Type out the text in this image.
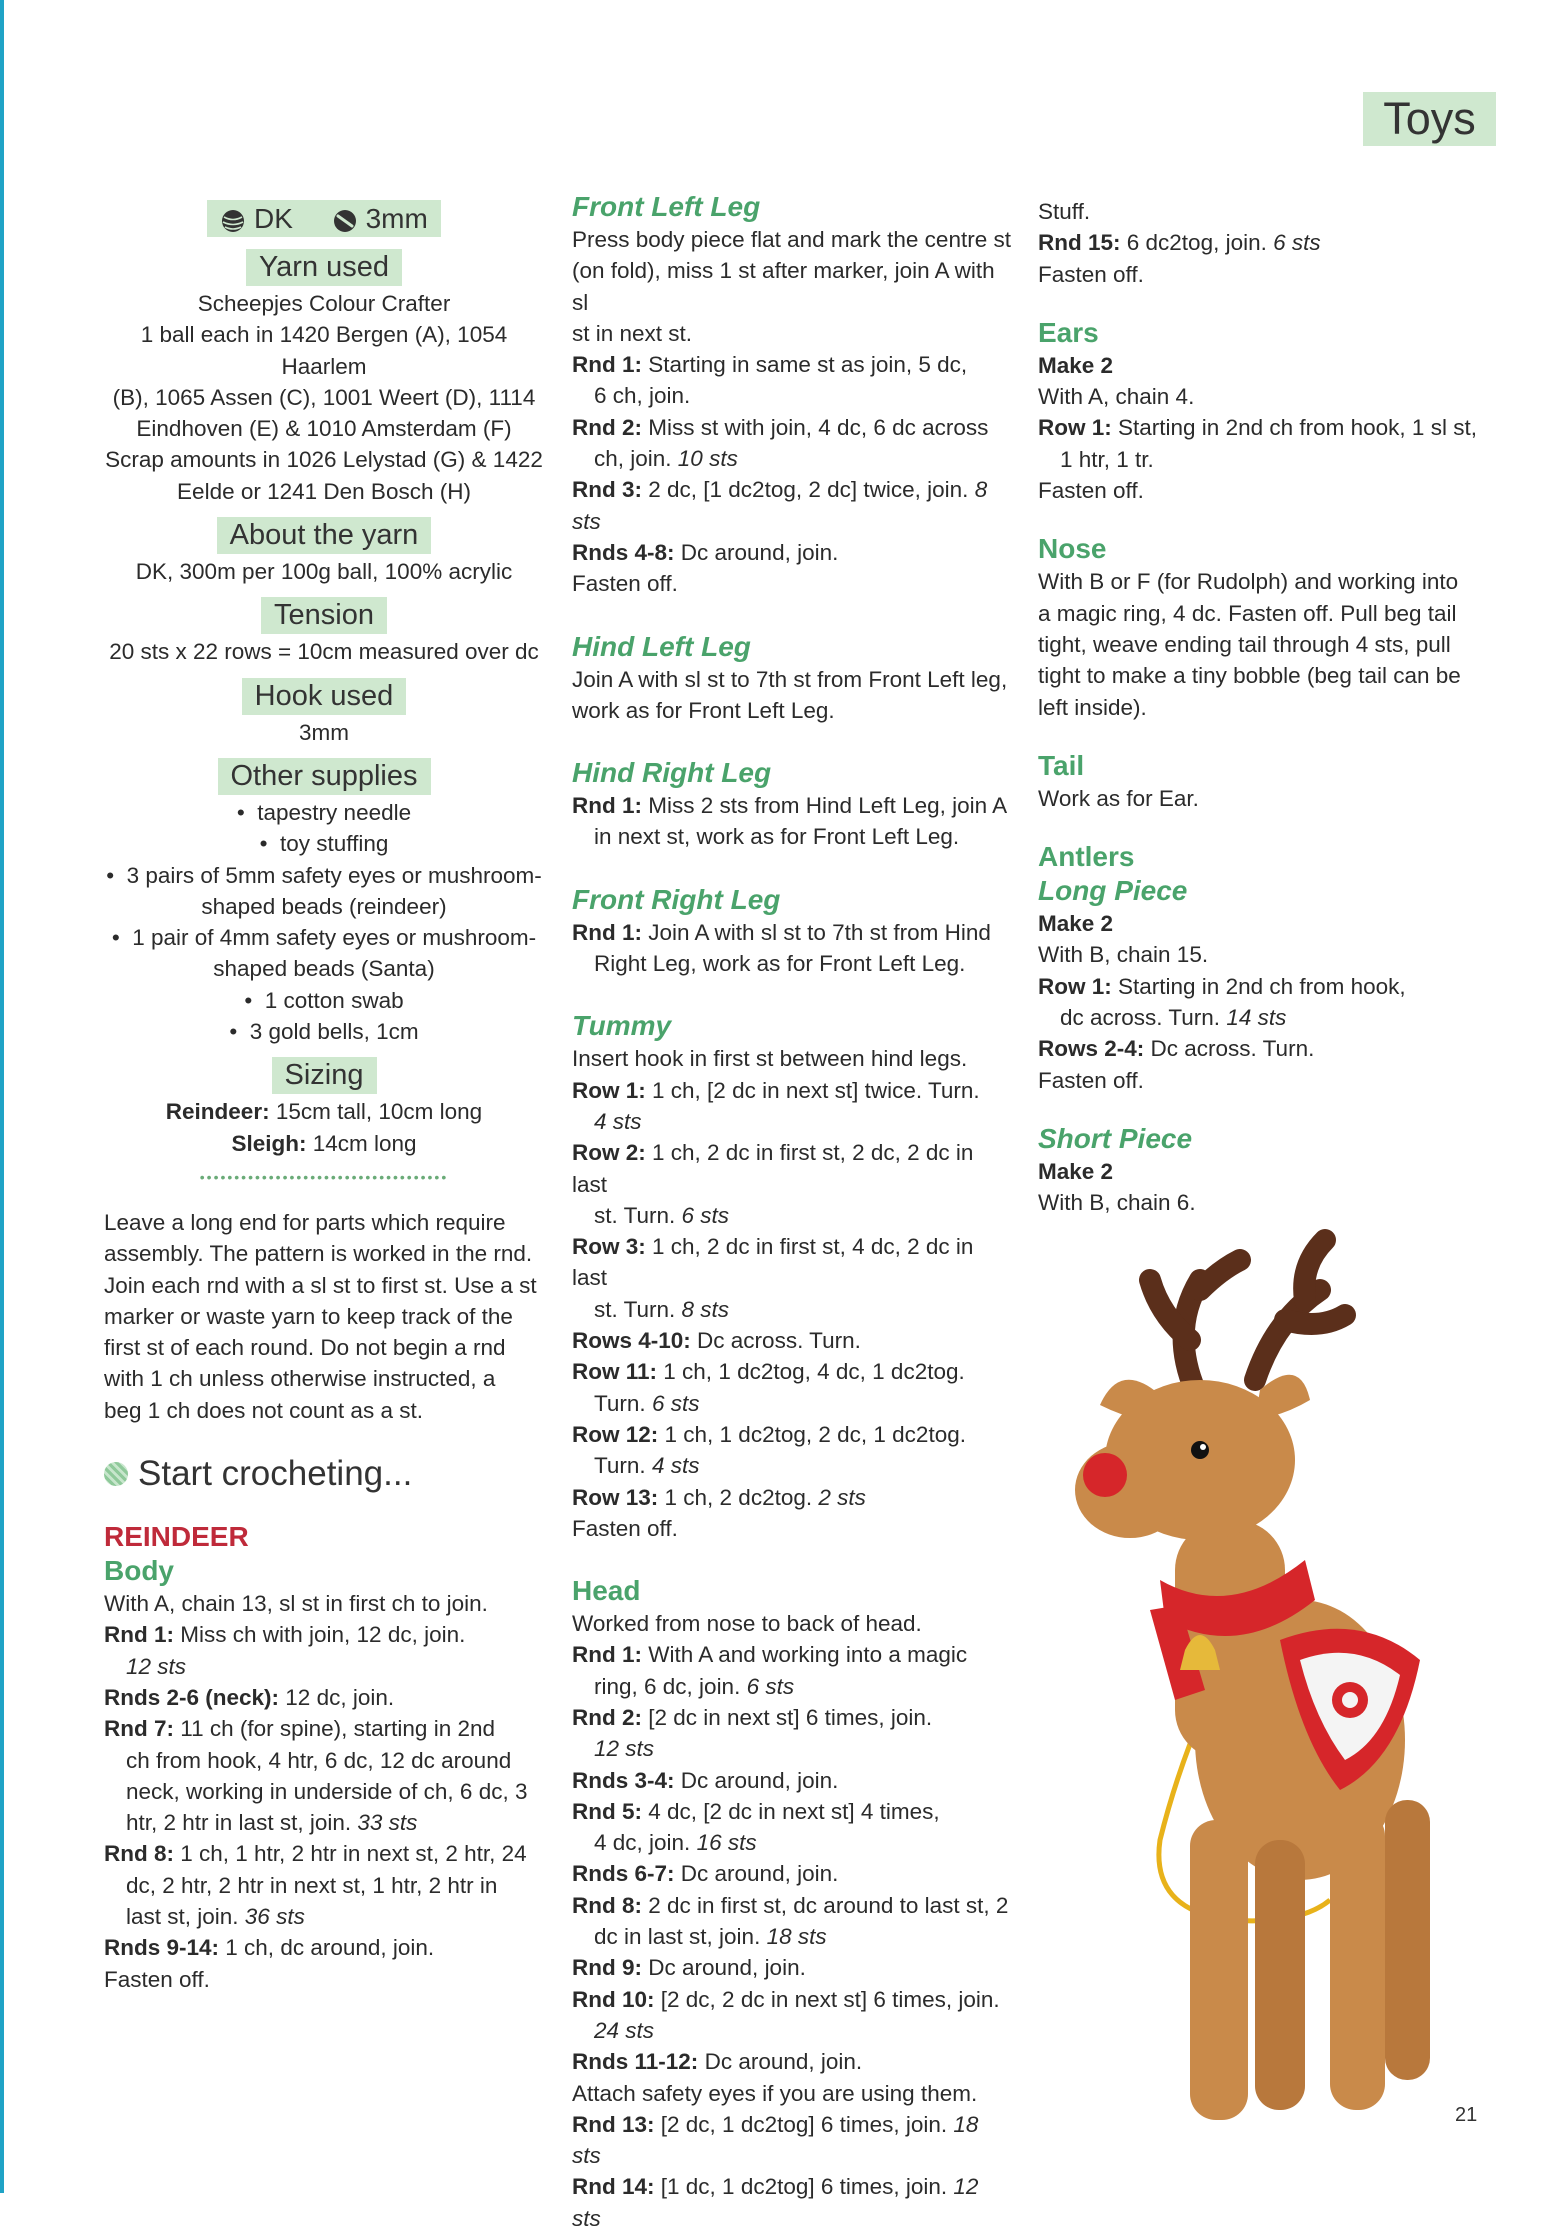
Toys
DK	3mm
Yarn used

Scheepjes Colour Crafter

1 ball each in 1420 Bergen (A), 1054 Haarlem

(B), 1065 Assen (C), 1001 Weert (D), 1114

Eindhoven (E) & 1010 Amsterdam (F)

Scrap amounts in 1026 Lelystad (G) & 1422

Eelde or 1241 Den Bosch (H)

About the yarn

DK, 300m per 100g ball, 100% acrylic

Tension

20 sts x 22 rows = 10cm measured over dc

Hook used

3mm

Other supplies
•  tapestry needle
•  toy stuffing
•  3 pairs of 5mm safety eyes or mushroom-
shaped beads (reindeer)
•  1 pair of 4mm safety eyes or mushroom-
shaped beads (Santa)
•  1 cotton swab
•  3 gold bells, 1cm
Sizing

Reindeer: 15cm tall, 10cm long

Sleigh: 14cm long

••••••••••••••••••••••••••••••••••••

Leave a long end for parts which require

assembly. The pattern is worked in the rnd.

Join each rnd with a sl st to first st. Use a st

marker or waste yarn to keep track of the

first st of each round. Do not begin a rnd

with 1 ch unless otherwise instructed, a

beg 1 ch does not count as a st.

Start crocheting...
REINDEER
Body

With A, chain 13, sl st in first ch to join.

Rnd 1: Miss ch with join, 12 dc, join.

12 sts

Rnds 2-6 (neck): 12 dc, join.

Rnd 7: 11 ch (for spine), starting in 2nd

ch from hook, 4 htr, 6 dc, 12 dc around

neck, working in underside of ch, 6 dc, 3

htr, 2 htr in last st, join. 33 sts

Rnd 8: 1 ch, 1 htr, 2 htr in next st, 2 htr, 24

dc, 2 htr, 2 htr in next st, 1 htr, 2 htr in

last st, join. 36 sts

Rnds 9-14: 1 ch, dc around, join.

Fasten off.

Front Left Leg

Press body piece flat and mark the centre st

(on fold), miss 1 st after marker, join A with sl

st in next st.

Rnd 1: Starting in same st as join, 5 dc,

6 ch, join.

Rnd 2: Miss st with join, 4 dc, 6 dc across

ch, join. 10 sts

Rnd 3: 2 dc, [1 dc2tog, 2 dc] twice, join. 8 sts

Rnds 4-8: Dc around, join.

Fasten off.

Hind Left Leg

Join A with sl st to 7th st from Front Left leg,

work as for Front Left Leg.

Hind Right Leg

Rnd 1: Miss 2 sts from Hind Left Leg, join A

in next st, work as for Front Left Leg.

Front Right Leg

Rnd 1: Join A with sl st to 7th st from Hind

Right Leg, work as for Front Left Leg.

Tummy

Insert hook in first st between hind legs.

Row 1: 1 ch, [2 dc in next st] twice. Turn.

4 sts

Row 2: 1 ch, 2 dc in first st, 2 dc, 2 dc in last

st. Turn. 6 sts

Row 3: 1 ch, 2 dc in first st, 4 dc, 2 dc in last

st. Turn. 8 sts

Rows 4-10: Dc across. Turn.

Row 11: 1 ch, 1 dc2tog, 4 dc, 1 dc2tog.

Turn. 6 sts

Row 12: 1 ch, 1 dc2tog, 2 dc, 1 dc2tog.

Turn. 4 sts

Row 13: 1 ch, 2 dc2tog. 2 sts

Fasten off.

Head

Worked from nose to back of head.

Rnd 1: With A and working into a magic

ring, 6 dc, join. 6 sts

Rnd 2: [2 dc in next st] 6 times, join.

12 sts

Rnds 3-4: Dc around, join.

Rnd 5: 4 dc, [2 dc in next st] 4 times,

4 dc, join. 16 sts

Rnds 6-7: Dc around, join.

Rnd 8: 2 dc in first st, dc around to last st, 2

dc in last st, join. 18 sts

Rnd 9: Dc around, join.

Rnd 10: [2 dc, 2 dc in next st] 6 times, join.

24 sts

Rnds 11-12: Dc around, join.

Attach safety eyes if you are using them.

Rnd 13: [2 dc, 1 dc2tog] 6 times, join. 18 sts

Rnd 14: [1 dc, 1 dc2tog] 6 times, join. 12 sts

Stuff.

Rnd 15: 6 dc2tog, join. 6 sts

Fasten off.

Ears

Make 2

With A, chain 4.

Row 1: Starting in 2nd ch from hook, 1 sl st,

1 htr, 1 tr.

Fasten off.

Nose

With B or F (for Rudolph) and working into

a magic ring, 4 dc. Fasten off. Pull beg tail

tight, weave ending tail through 4 sts, pull

tight to make a tiny bobble (beg tail can be

left inside).

Tail

Work as for Ear.

Antlers
Long Piece

Make 2

With B, chain 15.

Row 1: Starting in 2nd ch from hook,

dc across. Turn. 14 sts

Rows 2-4: Dc across. Turn.

Fasten off.

Short Piece

Make 2

With B, chain 6.

21
